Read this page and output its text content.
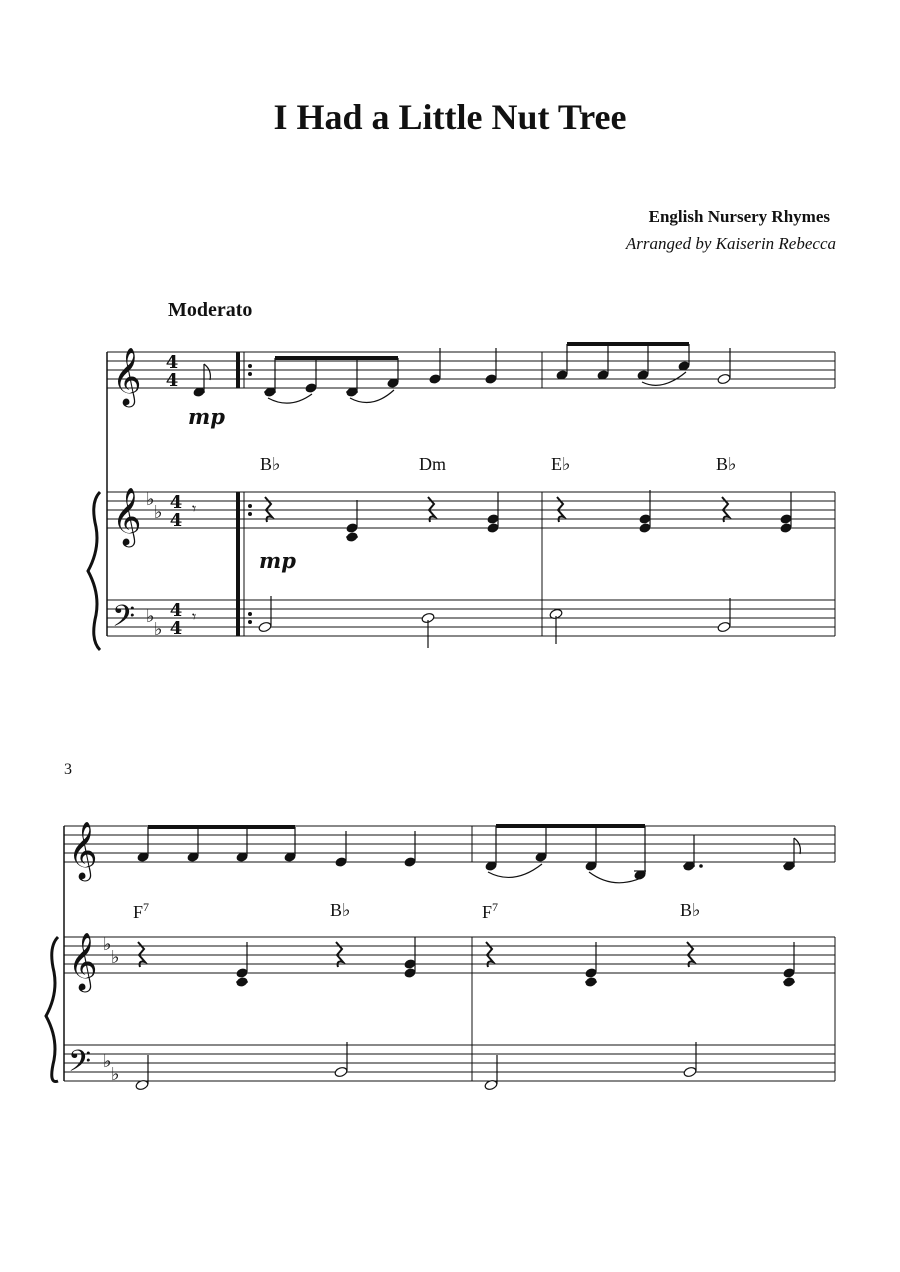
I Had a Little Nut Tree
English Nursery Rhymes
Arranged by Kaiserin Rebecca
Moderato
3
B♭	Dm	E♭	B♭
$F^7$	B♭	$F^7$	B♭
mp
mp
𝄞
𝄞
𝄢
♭
♭
♭
♭
4
4
4
4
4
4
𝄾
𝄾
𝄞
𝄞
𝄢
♭
♭
♭
♭
